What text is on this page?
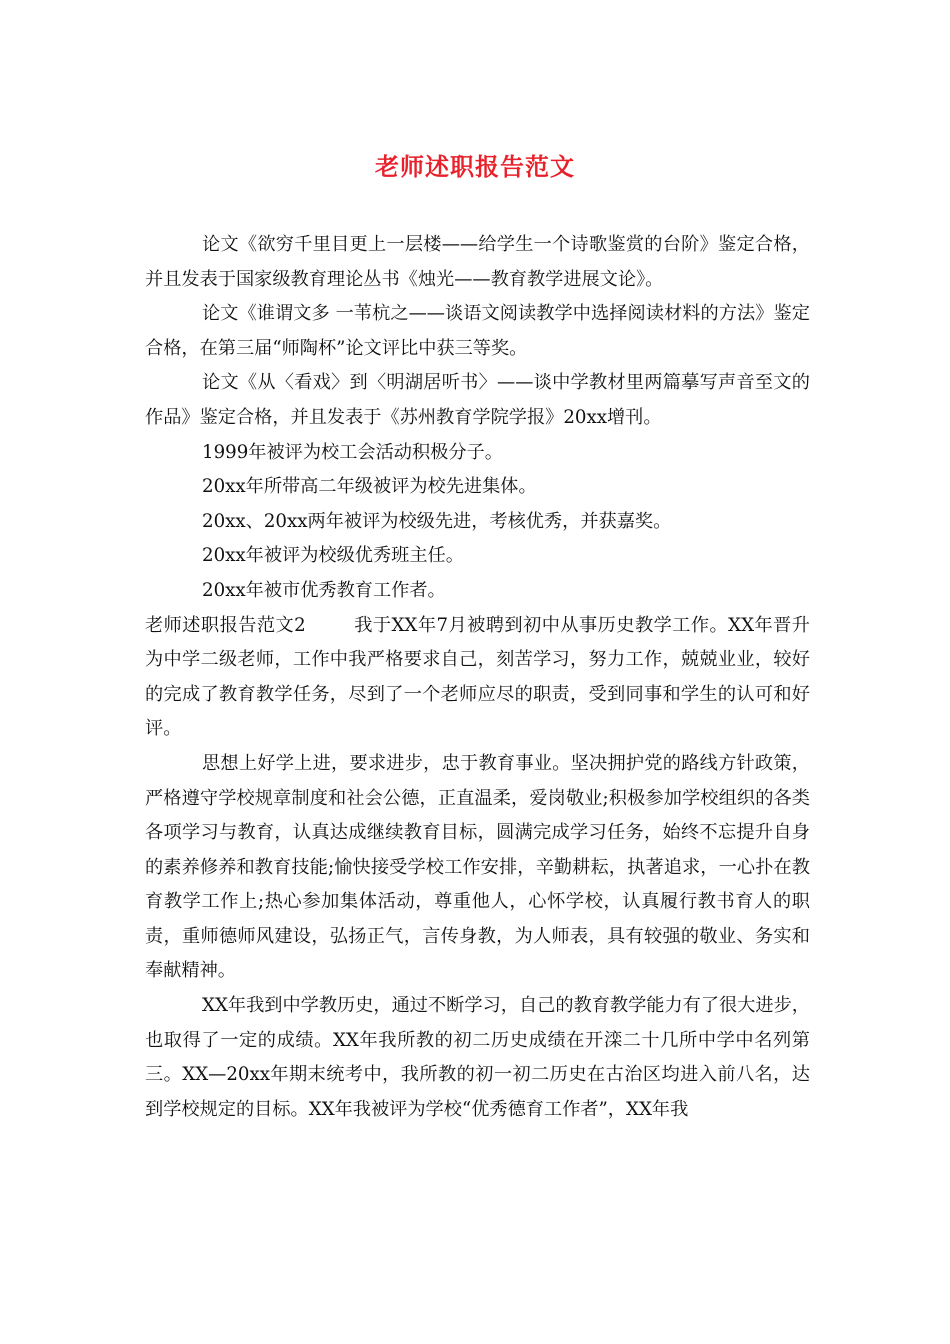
老师述职报告范文

论文《欲穷千里目更上一层楼——给学生一个诗歌鉴赏的台阶》鉴定合格，并且发表于国家级教育理论丛书《烛光——教育教学进展文论》。

论文《谁谓文多 一苇杭之——谈语文阅读教学中选择阅读材料的方法》鉴定合格，在第三届“师陶杯”论文评比中获三等奖。

论文《从〈看戏〉到〈明湖居听书〉——谈中学教材里两篇摹写声音至文的作品》鉴定合格，并且发表于《苏州教育学院学报》20xx增刊。

1999年被评为校工会活动积极分子。

20xx年所带高二年级被评为校先进集体。

20xx、20xx两年被评为校级先进，考核优秀，并获嘉奖。

20xx年被评为校级优秀班主任。

20xx年被市优秀教育工作者。

老师述职报告范文2	我于XX年7月被聘到初中从事历史教学工作。XX年晋升为中学二级老师，工作中我严格要求自己，刻苦学习，努力工作，兢兢业业，较好的完成了教育教学任务，尽到了一个老师应尽的职责，受到同事和学生的认可和好评。

思想上好学上进，要求进步，忠于教育事业。坚决拥护党的路线方针政策，严格遵守学校规章制度和社会公德，正直温柔，爱岗敬业;积极参加学校组织的各类各项学习与教育，认真达成继续教育目标，圆满完成学习任务，始终不忘提升自身的素养修养和教育技能;愉快接受学校工作安排，辛勤耕耘，执著追求，一心扑在教育教学工作上;热心参加集体活动，尊重他人，心怀学校，认真履行教书育人的职责，重师德师风建设，弘扬正气，言传身教，为人师表，具有较强的敬业、务实和奉献精神。

XX年我到中学教历史，通过不断学习，自己的教育教学能力有了很大进步，也取得了一定的成绩。XX年我所教的初二历史成绩在开滦二十几所中学中名列第三。XX—20xx年期末统考中，我所教的初一初二历史在古治区均进入前八名，达到学校规定的目标。XX年我被评为学校“优秀德育工作者”，XX年我
